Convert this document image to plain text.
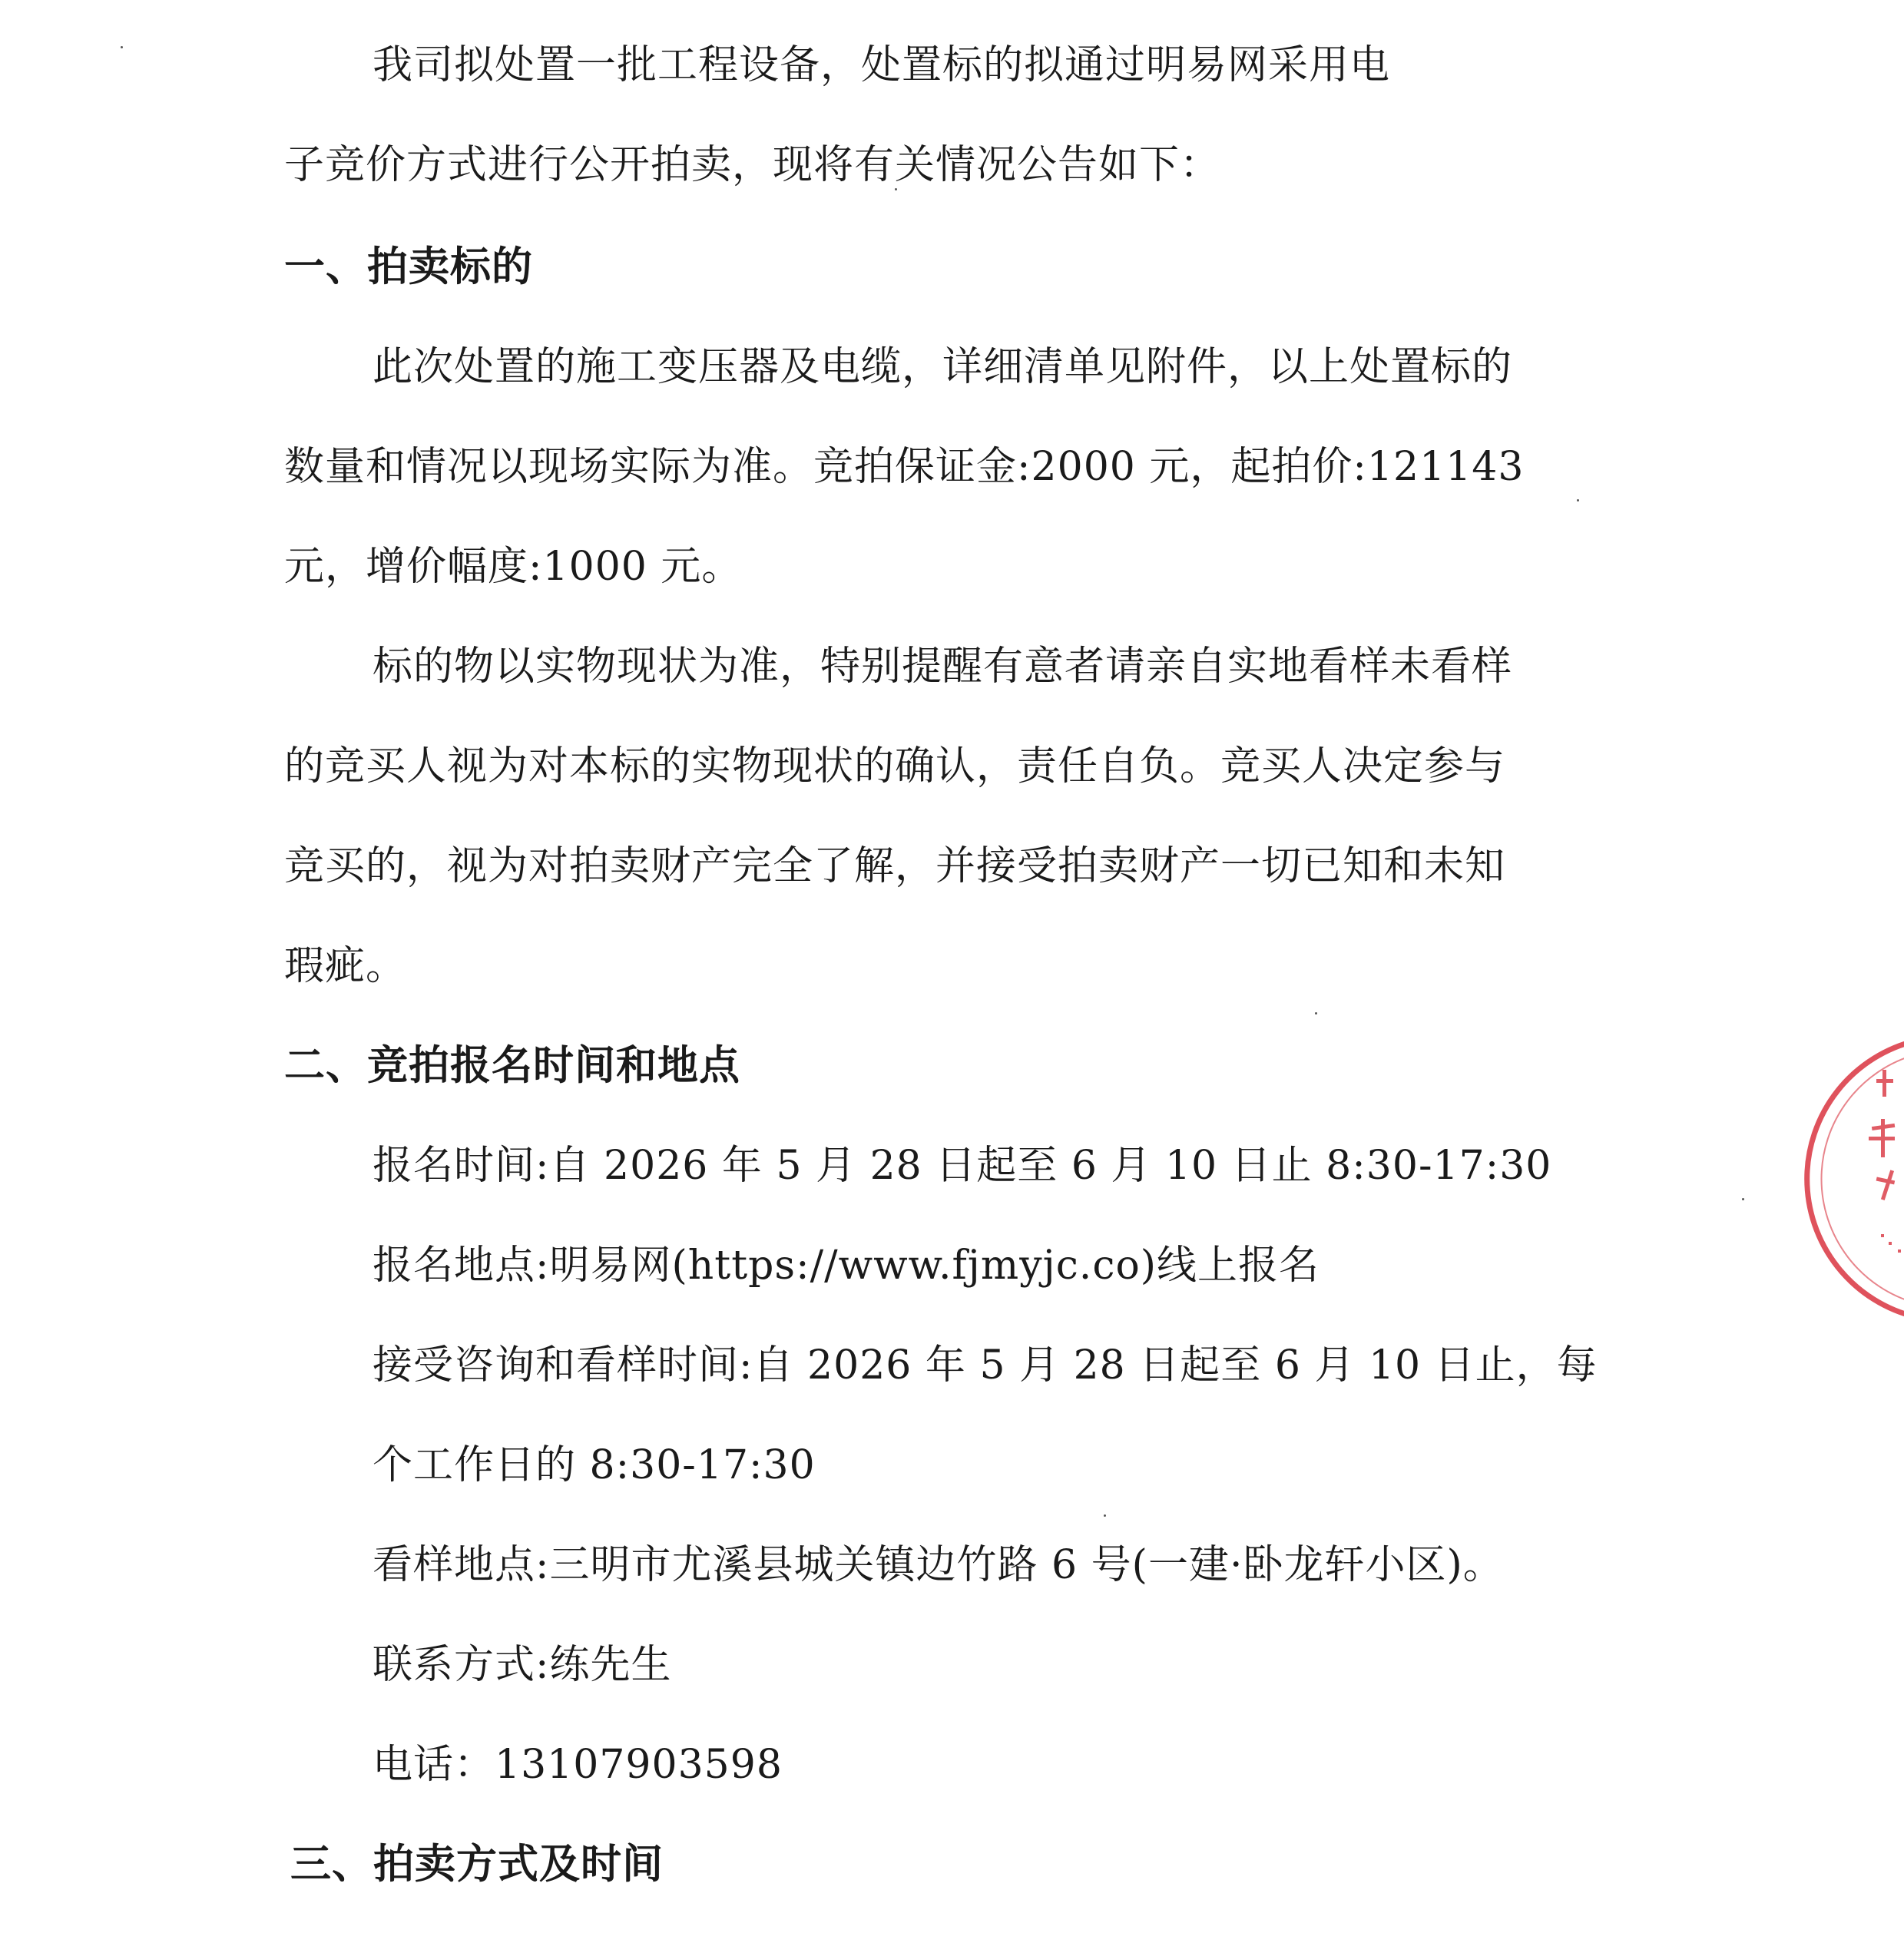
我司拟处置一批工程设备，处置标的拟通过明易网采用电
子竞价方式进行公开拍卖，现将有关情况公告如下：
一、拍卖标的
此次处置的施工变压器及电缆，详细清单见附件，以上处置标的
数量和情况以现场实际为准。竞拍保证金:2000 元，起拍价:121143
元，增价幅度:1000 元。
标的物以实物现状为准，特别提醒有意者请亲自实地看样未看样
的竞买人视为对本标的实物现状的确认，责任自负。竞买人决定参与
竞买的，视为对拍卖财产完全了解，并接受拍卖财产一切已知和未知
瑕疵。
二、竞拍报名时间和地点
报名时间:自 2026 年 5 月 28 日起至 6 月 10 日止 8:30-17:30
报名地点:明易网(https://www.fjmyjc.co)线上报名
接受咨询和看样时间:自 2026 年 5 月 28 日起至 6 月 10 日止，每
个工作日的 8:30-17:30
看样地点:三明市尤溪县城关镇边竹路 6 号(一建·卧龙轩小区)。
联系方式:练先生
电话：13107903598
三、拍卖方式及时间
